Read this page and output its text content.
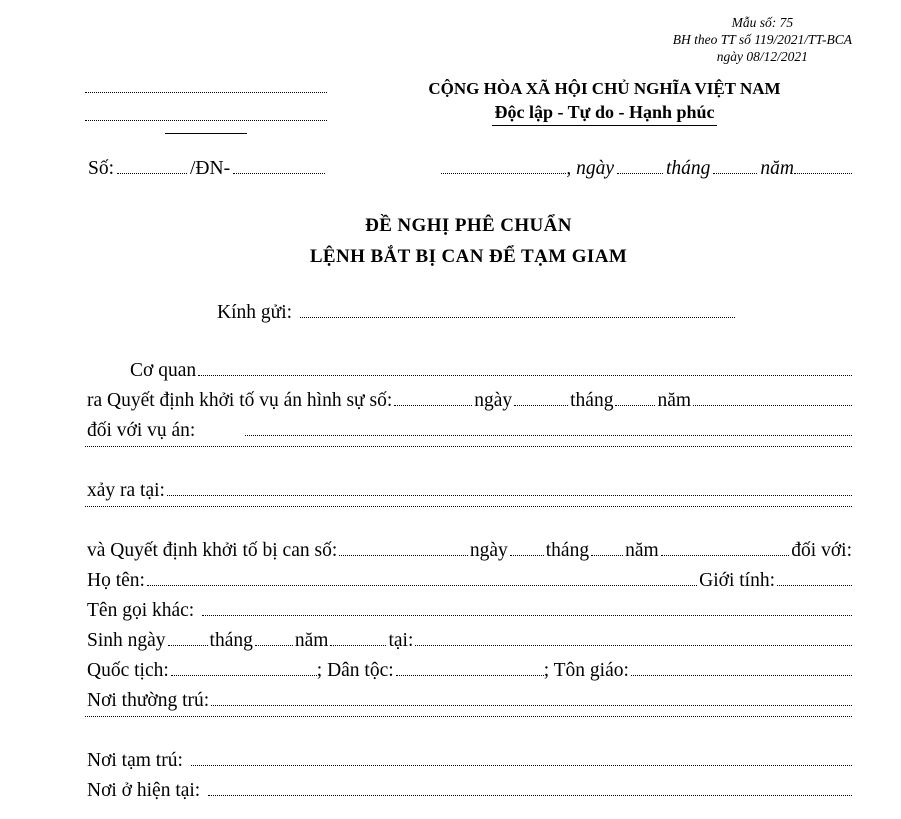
Mẫu số: 75
BH theo TT số 119/2021/TT-BCA
ngày 08/12/2021
CỘNG HÒA XÃ HỘI CHỦ NGHĨA VIỆT NAM
Độc lập - Tự do - Hạnh phúc
Số:	/ĐN-	, ngày	tháng	năm
ĐỀ NGHỊ PHÊ CHUẨN
LỆNH BẮT BỊ CAN ĐỂ TẠM GIAM
Kính gửi:
Cơ quan
ra Quyết định khởi tố vụ án hình sự số:	ngày	tháng năm
đối với vụ án:
xảy ra tại:
và Quyết định khởi tố bị can số:	ngày tháng năm	đối với:
Họ tên:	Giới tính:
Tên gọi khác:
Sinh ngày tháng năm	tại:
Quốc tịch:	; Dân tộc:	; Tôn giáo:
Nơi thường trú:
Nơi tạm trú:
Nơi ở hiện tại:
